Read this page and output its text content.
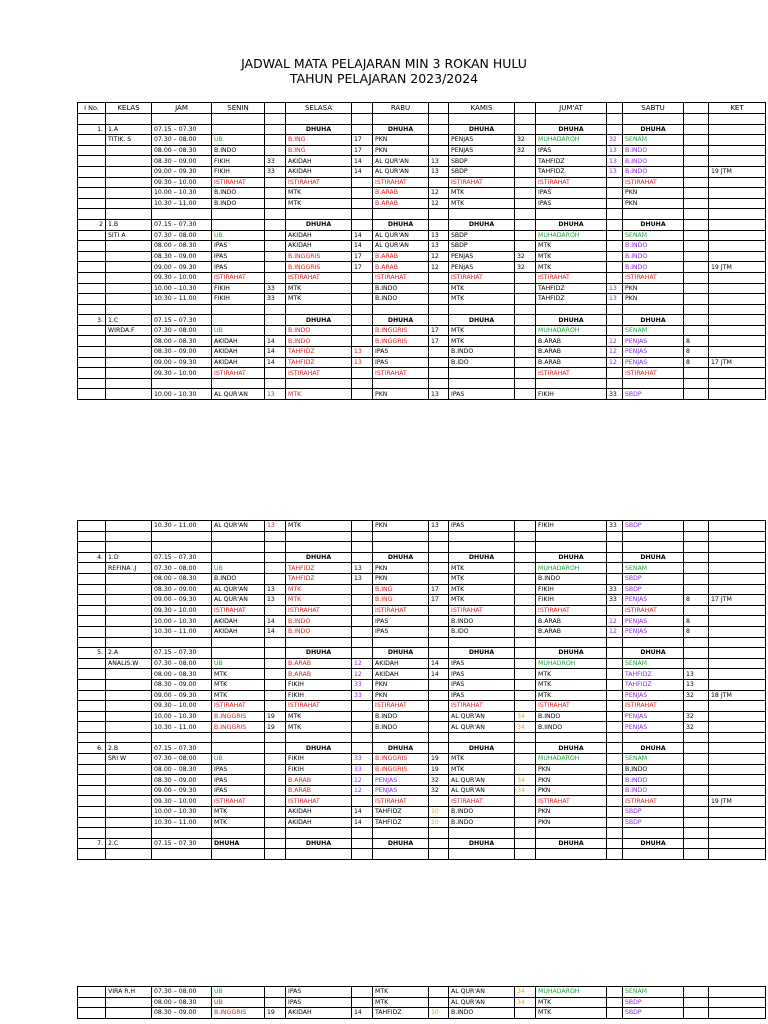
JADWAL MATA PELAJARAN MIN 3 ROKAN HULU
TAHUN PELAJARAN 2023/2024
I No.	KELAS	JAM	SENIN		SELASA		RABU		KAMIS		JUM'AT		SABTU		KET

1.	1.A	07.15 – 07.30			DHUHA		DHUHA		DHUHA		DHUHA		DHUHA		
	TITIK. S	07.30 – 08.00	UB		B.ING	17	PKN		PENJAS	32	MUHADAROH	32	SENAM		
		08.00 – 08.30	B.INDO		B.ING	17	PKN		PENJAS	32	IPAS	13	B.INDO		
		08.30 – 09.00	FIKIH	33	AKIDAH	14	AL QUR'AN	13	SBDP		TAHFIDZ	13	B.INDO		
		09.00 – 09.30	FIKIH	33	AKIDAH	14	AL QUR'AN	13	SBDP		TAHFIDZ	13	B.INDO		19 JTM
		09.30 – 10.00	ISTIRAHAT		ISTIRAHAT		ISTIRAHAT		ISTIRAHAT		ISTIRAHAT		ISTIRAHAT		
		10.00 – 10.30	B.INDO		MTK		B.ARAB	12	MTK		IPAS		PKN		
		10.30 – 11.00	B.INDO		MTK		B.ARAB	12	MTK		IPAS		PKN		

2	1.B	07.15 – 07.30			DHUHA		DHUHA		DHUHA		DHUHA		DHUHA		
	SITI A	07.30 – 08.00	UB		AKIDAH	14	AL QUR'AN	13	SBDP		MUHADAROH		SENAM		
		08.00 – 08.30	IPAS		AKIDAH	14	AL QUR'AN	13	SBDP		MTK		B.INDO		
		08.30 – 09.00	IPAS		B.INGGRIS	17	B.ARAB	12	PENJAS	32	MTK		B.INDO		
		09.00 – 09.30	IPAS		B.INGGRIS	17	B.ARAB	12	PENJAS	32	MTK		B.INDO		19 JTM
		09.30 – 10.00	ISTIRAHAT		ISTIRAHAT		ISTIRAHAT		ISTIRAHAT		ISTIRAHAT		ISTIRAHAT		
		10.00 – 10.30	FIKIH	33	MTK		B.INDO		MTK		TAHFIDZ	13	PKN		
		10.30 – 11.00	FIKIH	33	MTK		B.INDO		MTK		TAHFIDZ	13	PKN		

3.	1.C	07.15 – 07.30			DHUHA		DHUHA		DHUHA		DHUHA		DHUHA		
	WIRDA.F	07.30 – 08.00	UB		B.INDO		B.INGGRIS	17	MTK		MUHADAROH		SENAM		
		08.00 – 08.30	AKIDAH	14	B.INDO		B.INGGRIS	17	MTK		B.ARAB	12	PENJAS	8	
		08.30 – 09.00	AKIDAH	14	TAHFIDZ	13	IPAS		B.INDO		B.ARAB	12	PENJAS	8	
		09.00 – 09.30	AKIDAH	14	TAHFIDZ	13	IPAS		B.IDO		B.ARAB	12	PENJAS	8	17 JTM
		09.30 – 10.00	ISTIRAHAT		ISTIRAHAT		ISTIRAHAT				ISTIRAHAT		ISTIRAHAT		

		10.00 – 10.30	AL QUR'AN	13	MTK		PKN	13	IPAS		FIKIH	33	SBDP		
		10.30 – 11.00	AL QUR'AN	13	MTK		PKN	13	IPAS		FIKIH	33	SBDP		

4.	1.D	07.15 – 07.30			DHUHA		DHUHA		DHUHA		DHUHA		DHUHA		
	REFINA .J	07.30 – 08.00	UB		TAHFIDZ	13	PKN		MTK		MUHADAROH		SENAM		
		08.00 – 08.30	B.INDO		TAHFIDZ	13	PKN		MTK		B.INDO		SBDP		
		08.30 – 09.00	AL QUR'AN	13	MTK		B.ING	17	MTK		FIKIH	33	SBDP		
		09.00 – 09.30	AL QUR'AN	13	MTK		B.ING	17	MTK		FIKIH	33	PENJAS	8	17 JTM
		09.30 – 10.00	ISTIRAHAT		ISTIRAHAT		ISTIRAHAT		ISTIRAHAT		ISTIRAHAT		ISTIRAHAT		
		10.00 – 10.30	AKIDAH	14	B.INDO		IPAS		B.INDO		B.ARAB	12	PENJAS	8	
		10.30 – 11.00	AKIDAH	14	B.INDO		IPAS		B.IDO		B.ARAB	12	PENJAS	8	

5.	2.A	07.15 – 07.30			DHUHA		DHUHA		DHUHA		DHUHA		DHUHA		
	ANALIS.W	07.30 – 08.00	UB		B.ARAB	12	AKIDAH	14	IPAS		MUHADROH		SENAM		
		08.00 – 08.30	MTK		B.ARAB	12	AKIDAH	14	IPAS		MTK		TAHFIDZ	13	
		08.30 – 09.00	MTK		FIKIH	33	PKN		IPAS		MTK		TAHFIDZ	13	
		09.00 – 09.30	MTK		FIKIH	33	PKN		IPAS		MTK		PENJAS	32	18 JTM
		09.30 – 10.00	ISTIRAHAT		ISTIRAHAT		ISTIRAHAT		ISTIRAHAT		ISTIRAHAT		ISTIRAHAT		
		10.00 – 10.30	B.INGGRIS	19	MTK		B.INDO		AL QUR'AN	34	B.INDO		PENJAS	32	
		10.30 – 11.00	B.INGGRIS	19	MTK		B.INDO		AL QUR'AN	34	B.IINDO		PENJAS	32	

6.	2.B	07.15 – 07.30			DHUHA		DHUHA		DHUHA		DHUHA		DHUHA		
	SRI W	07.30 – 08.00	UB		FIKIH	33	B.INGGRIS	19	MTK		MUHADAROH		SENAM		
		08.00 – 08.30	IPAS		FIKIH	33	B.INGGRIS	19	MTK		PKN		B,INDO		
		08.30 – 09.00	IPAS		B.ARAB	12	PENJAS	32	AL QUR'AN	34	PKN		B.INDO		
		09.00 – 09.30	IPAS		B.ARAB	12	PENJAS	32	AL QUR'AN	34	PKN		B.INDO		
		09.30 – 10.00	ISTIRAHAT		ISTIRAHAT		ISTIRAHAT		ISTIRAHAT		ISTIRAHAT		ISTIRAHAT		19 JTM
		10.00 – 10.30	MTK		AKIDAH	14	TAHFIDZ	10	B.INDO		PKN		SBDP		
		10.30 – 11.00	MTK		AKIDAH	14	TAHFIDZ	10	B.INDO		PKN		SBDP		

7.	2.C	07.15 – 07.30	DHUHA		DHUHA		DHUHA		DHUHA		DHUHA		DHUHA		

	VIRA R.H	07.30 – 08.00	UB		IPAS		MTK		AL QUR'AN	34	MUHADAROH		SENAM		
		08.00 – 08.30	UB		IPAS		MTK		AL QUR'AN	34	MTK		SBDP		
		08.30 – 09.00	B.INGGRIS	19	AKIDAH	14	TAHFIDZ	10	B.INDO		MTK		SBDP		
